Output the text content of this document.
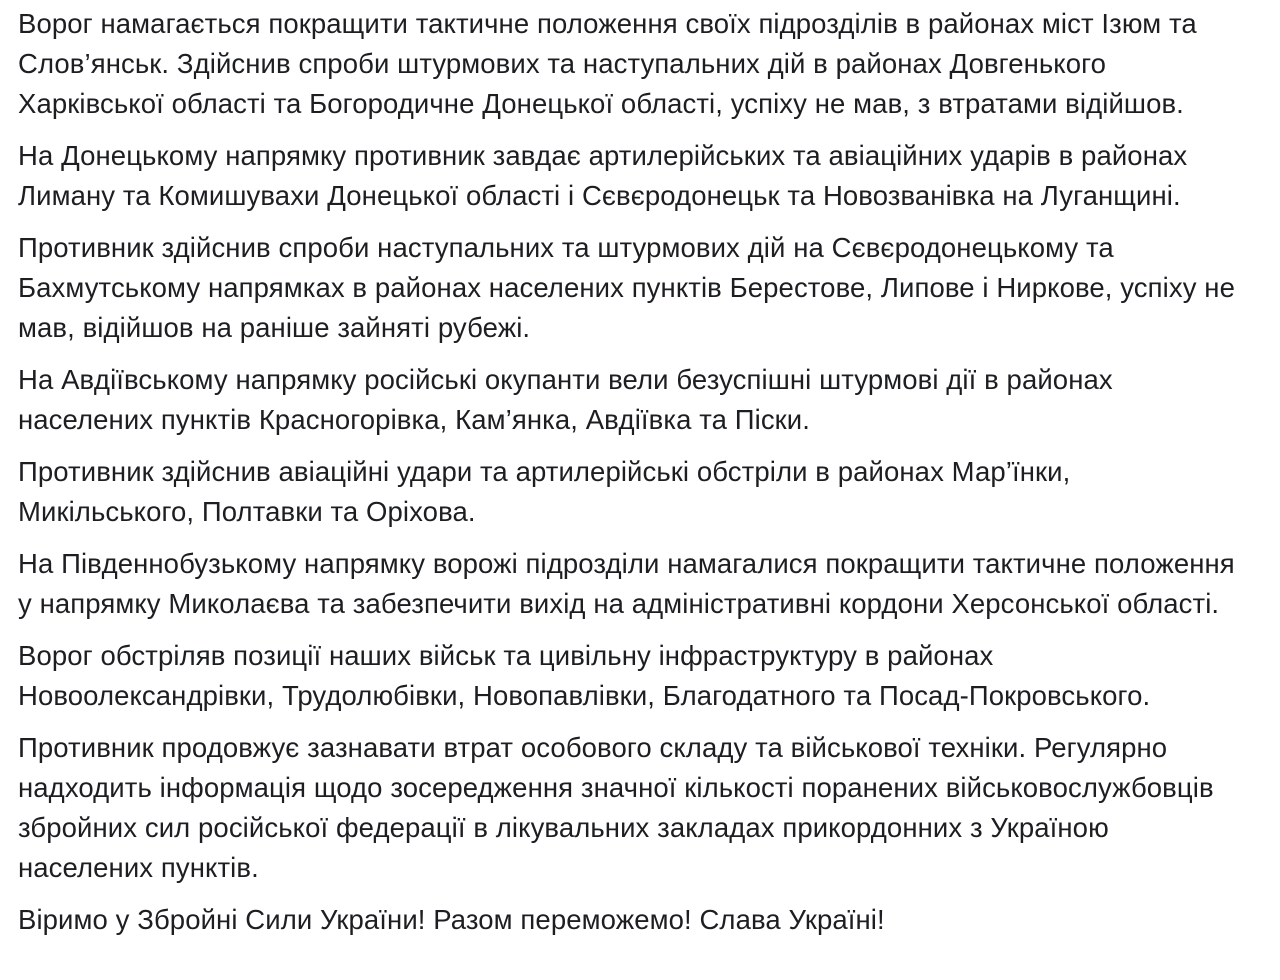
Ворог намагається покращити тактичне положення своїх підрозділів в районах міст Ізюм та Слов’янськ. Здійснив спроби штурмових та наступальних дій в районах Довгенького Харківської області та Богородичне Донецької області, успіху не мав, з втратами відійшов.

На Донецькому напрямку противник завдає артилерійських та авіаційних ударів в районах Лиману та Комишувахи Донецької області і Сєвєродонецьк та Новозванівка на Луганщині.

Противник здійснив спроби наступальних та штурмових дій на Сєвєродонецькому та Бахмутському напрямках в районах населених пунктів Берестове, Липове і Ниркове, успіху не мав, відійшов на раніше зайняті рубежі.

На Авдіївському напрямку російські окупанти вели безуспішні штурмові дії в районах населених пунктів Красногорівка, Кам’янка, Авдіївка та Піски.

Противник здійснив авіаційні удари та артилерійські обстріли в районах Мар’їнки, Микільського, Полтавки та Оріхова.

На Південнобузькому напрямку ворожі підрозділи намагалися покращити тактичне положення у напрямку Миколаєва та забезпечити вихід на адміністративні кордони Херсонської області.

Ворог обстріляв позиції наших військ та цивільну інфраструктуру в районах Новоолександрівки, Трудолюбівки, Новопавлівки, Благодатного та Посад-Покровського.

Противник продовжує зазнавати втрат особового складу та військової техніки. Регулярно надходить інформація щодо зосередження значної кількості поранених військовослужбовців збройних сил російської федерації в лікувальних закладах прикордонних з Україною населених пунктів.

Віримо у Збройні Сили України! Разом переможемо! Слава Україні!
